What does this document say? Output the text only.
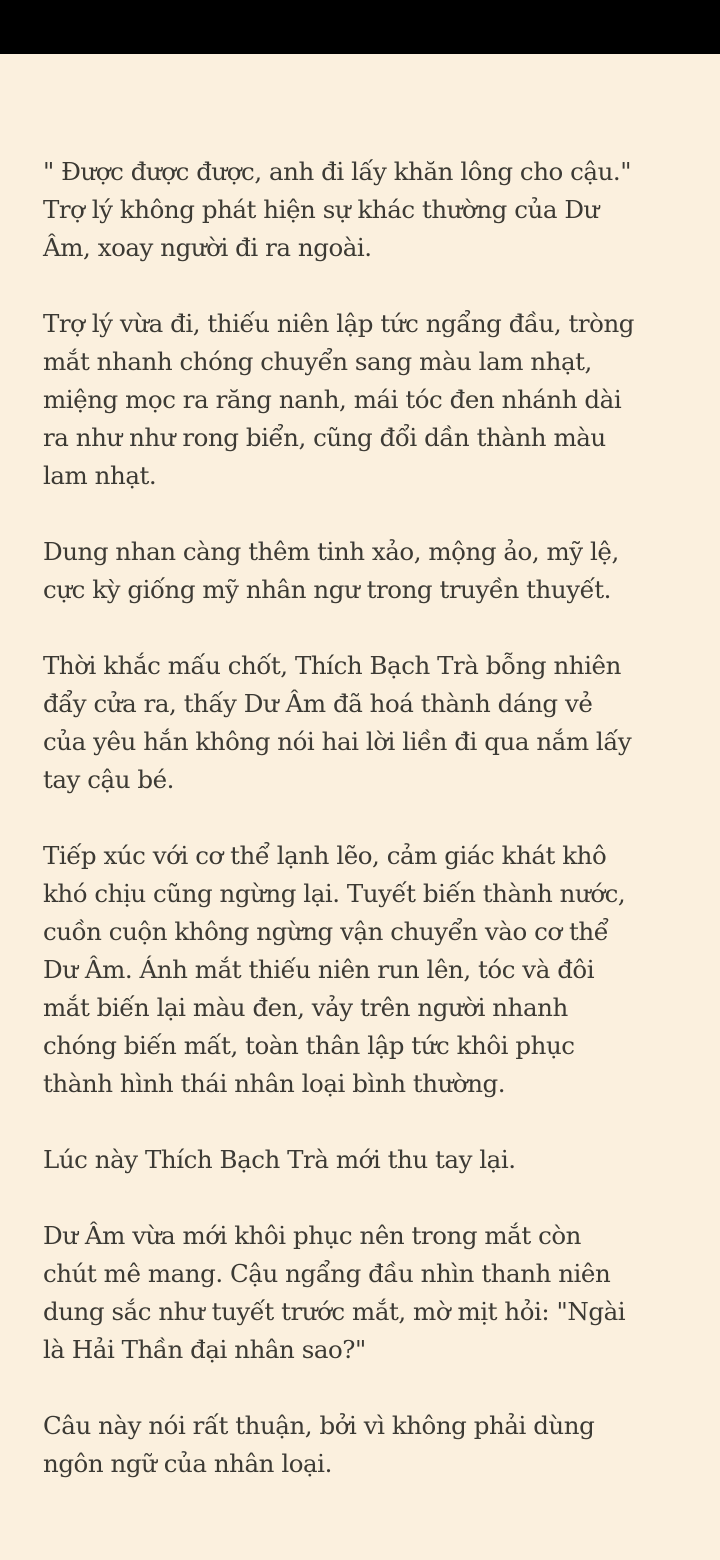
" Được được được, anh đi lấy khăn lông cho cậu."
Trợ lý không phát hiện sự khác thường của Dư
Âm, xoay người đi ra ngoài.

Trợ lý vừa đi, thiếu niên lập tức ngẩng đầu, tròng
mắt nhanh chóng chuyển sang màu lam nhạt,
miệng mọc ra răng nanh, mái tóc đen nhánh dài
ra như như rong biển, cũng đổi dần thành màu
lam nhạt.

Dung nhan càng thêm tinh xảo, mộng ảo, mỹ lệ,
cực kỳ giống mỹ nhân ngư trong truyền thuyết.

Thời khắc mấu chốt, Thích Bạch Trà bỗng nhiên
đẩy cửa ra, thấy Dư Âm đã hoá thành dáng vẻ
của yêu hắn không nói hai lời liền đi qua nắm lấy
tay cậu bé.

Tiếp xúc với cơ thể lạnh lẽo, cảm giác khát khô
khó chịu cũng ngừng lại. Tuyết biến thành nước,
cuồn cuộn không ngừng vận chuyển vào cơ thể
Dư Âm. Ánh mắt thiếu niên run lên, tóc và đôi
mắt biến lại màu đen, vảy trên người nhanh
chóng biến mất, toàn thân lập tức khôi phục
thành hình thái nhân loại bình thường.

Lúc này Thích Bạch Trà mới thu tay lại.

Dư Âm vừa mới khôi phục nên trong mắt còn
chút mê mang. Cậu ngẩng đầu nhìn thanh niên
dung sắc như tuyết trước mắt, mờ mịt hỏi: "Ngài
là Hải Thần đại nhân sao?"

Câu này nói rất thuận, bởi vì không phải dùng
ngôn ngữ của nhân loại.
